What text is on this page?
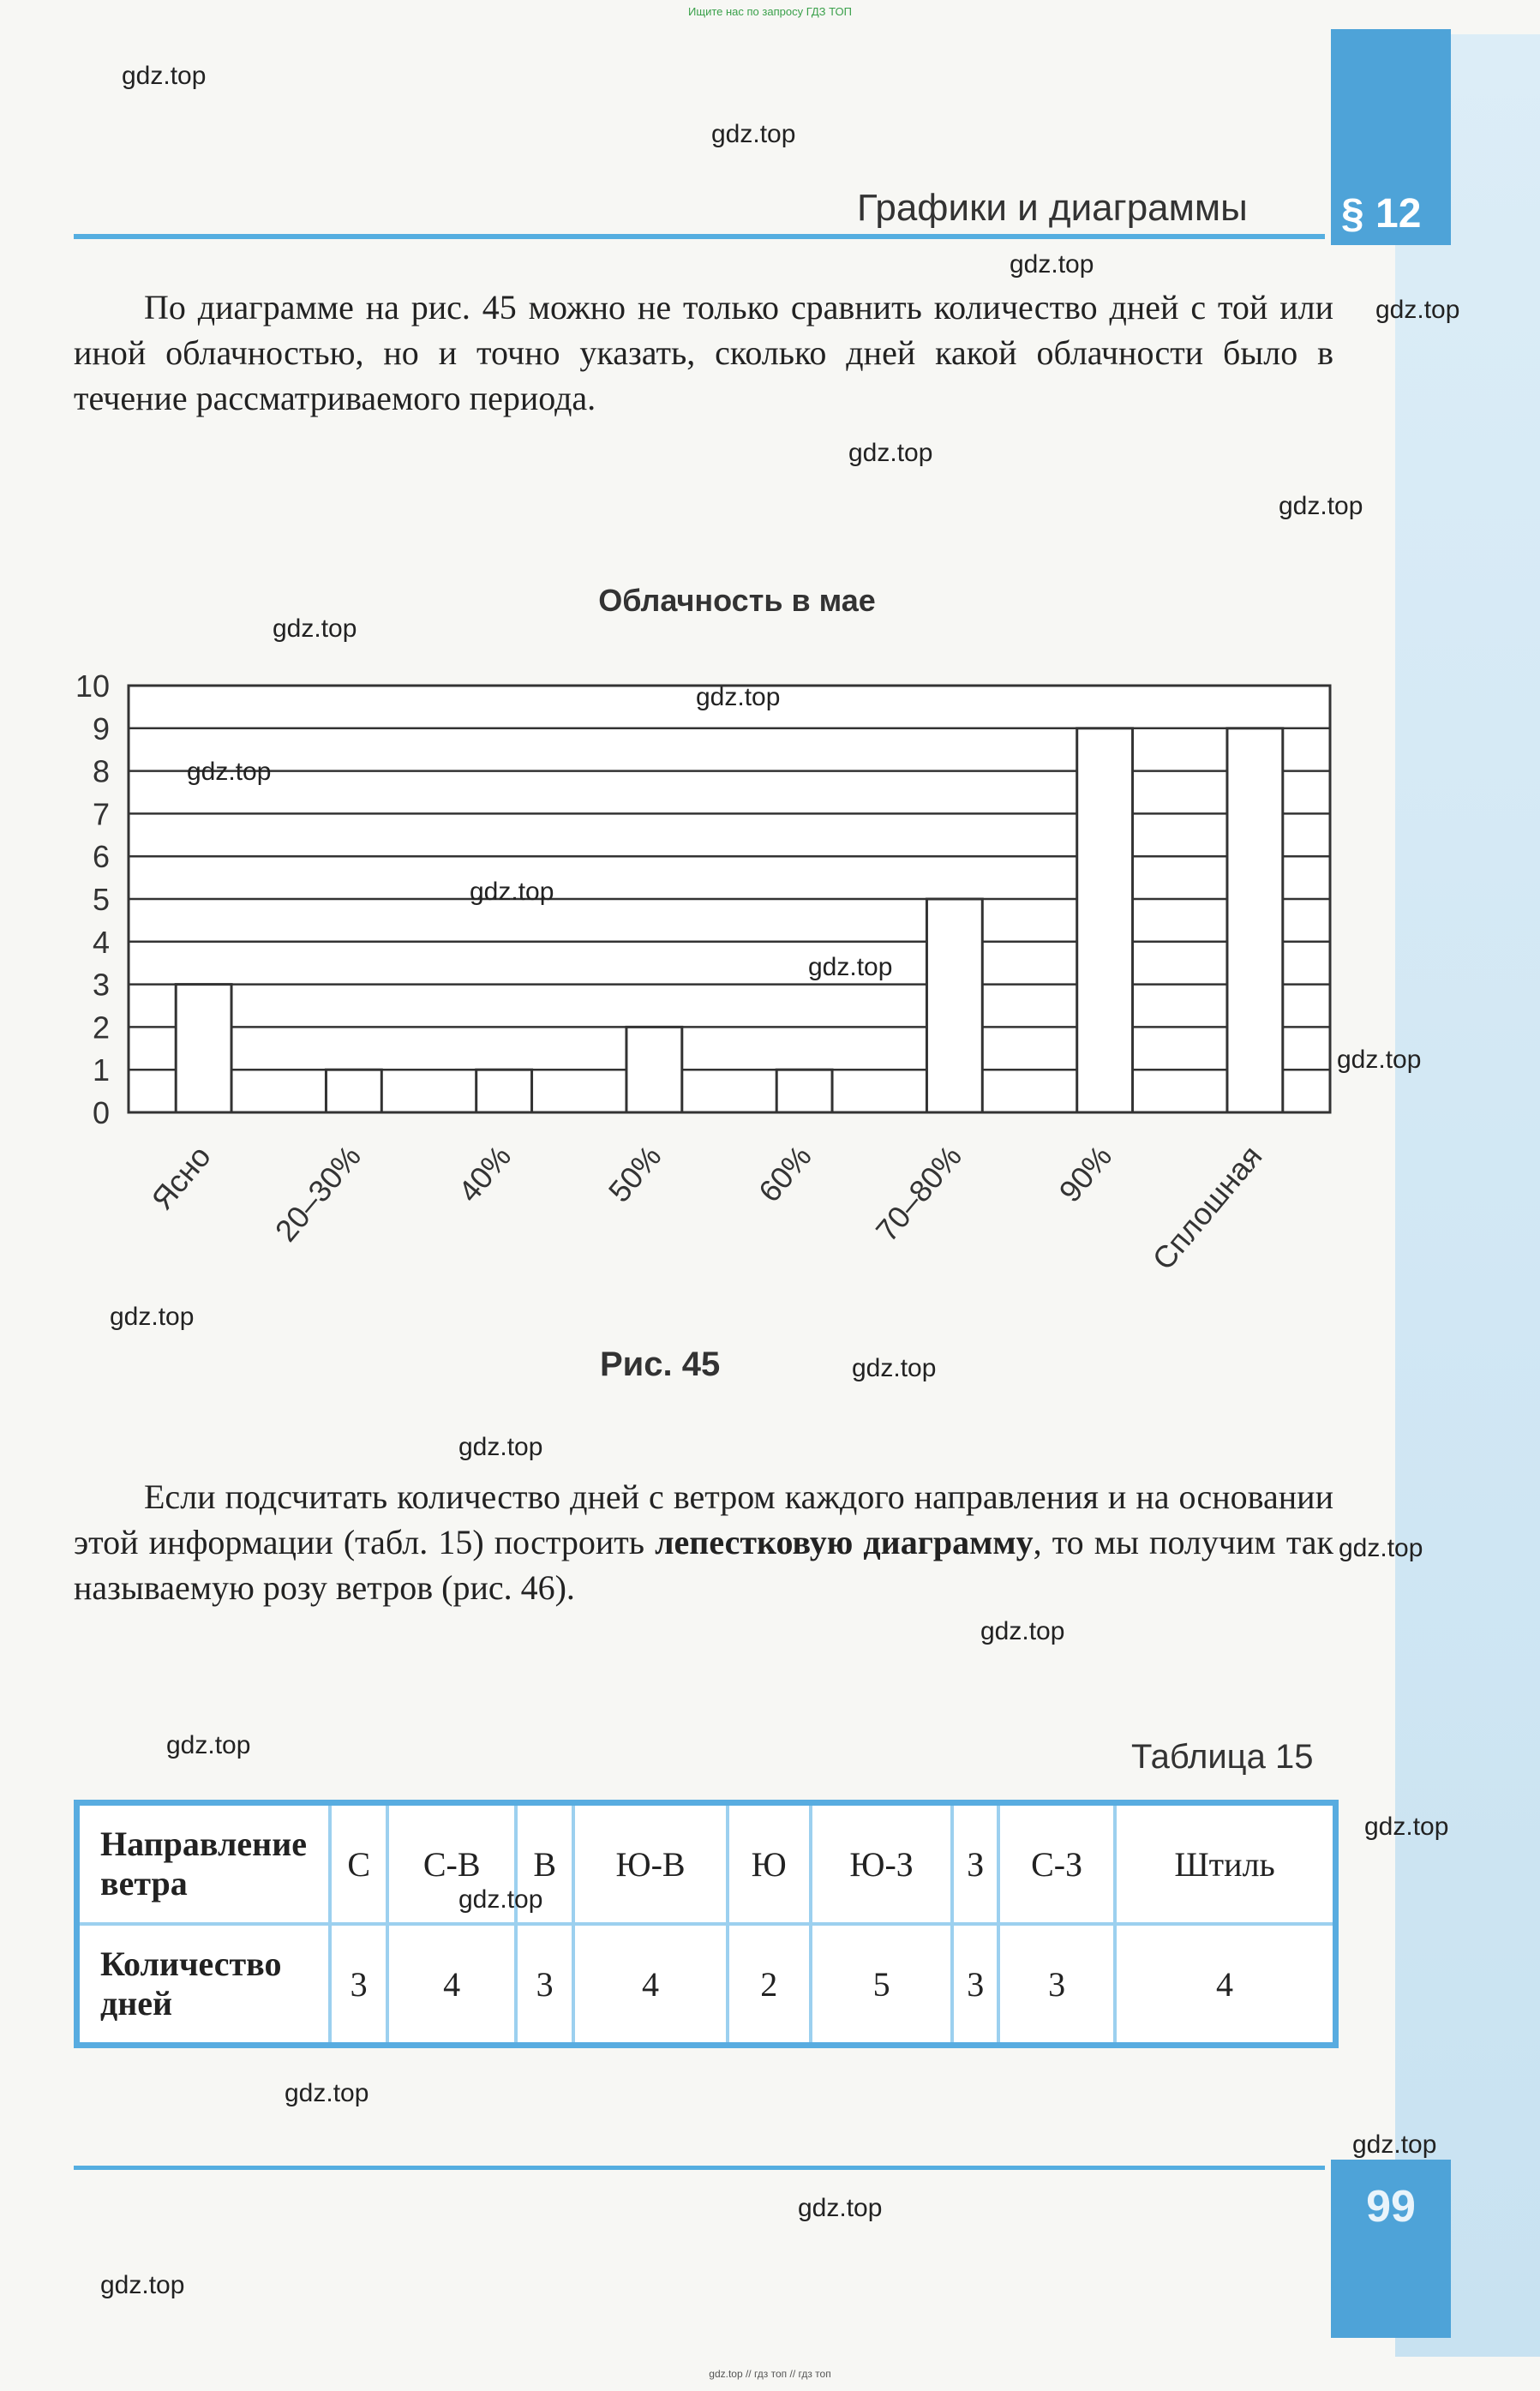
Ищите нас по запросу ГДЗ ТОП
§ 12
Графики и диаграммы

По диаграмме на рис. 45 можно не только сравнить количество дней с той или иной облачностью, но и точно указать, сколько дней какой облачности было в течение рассматриваемого периода.

Облачность в мае
0
1
2
3
4
5
6
7
8
9
10
Ясно 20–30%	40%	50%	60% 70–80%	90% Сплошная
Рис. 45

Если подсчитать количество дней с ветром каждого направления и на основании этой информации (табл. 15) построить лепестковую диаграмму, то мы получим так называемую розу ветров (рис. 46).

Таблица 15
Направление
ветра	С	С-В	В	Ю-В	Ю	Ю-З	З	С-З	Штиль
Количество
дней	3	4	3	4	2	5	3	3	4
99
gdz.top // гдз топ // гдз топ
gdz.top
gdz.top
gdz.top
gdz.top
gdz.top
gdz.top
gdz.top
gdz.top
gdz.top
gdz.top
gdz.top
gdz.top
gdz.top
gdz.top
gdz.top
gdz.top
gdz.top
gdz.top
gdz.top
gdz.top
gdz.top
gdz.top
gdz.top
gdz.top
